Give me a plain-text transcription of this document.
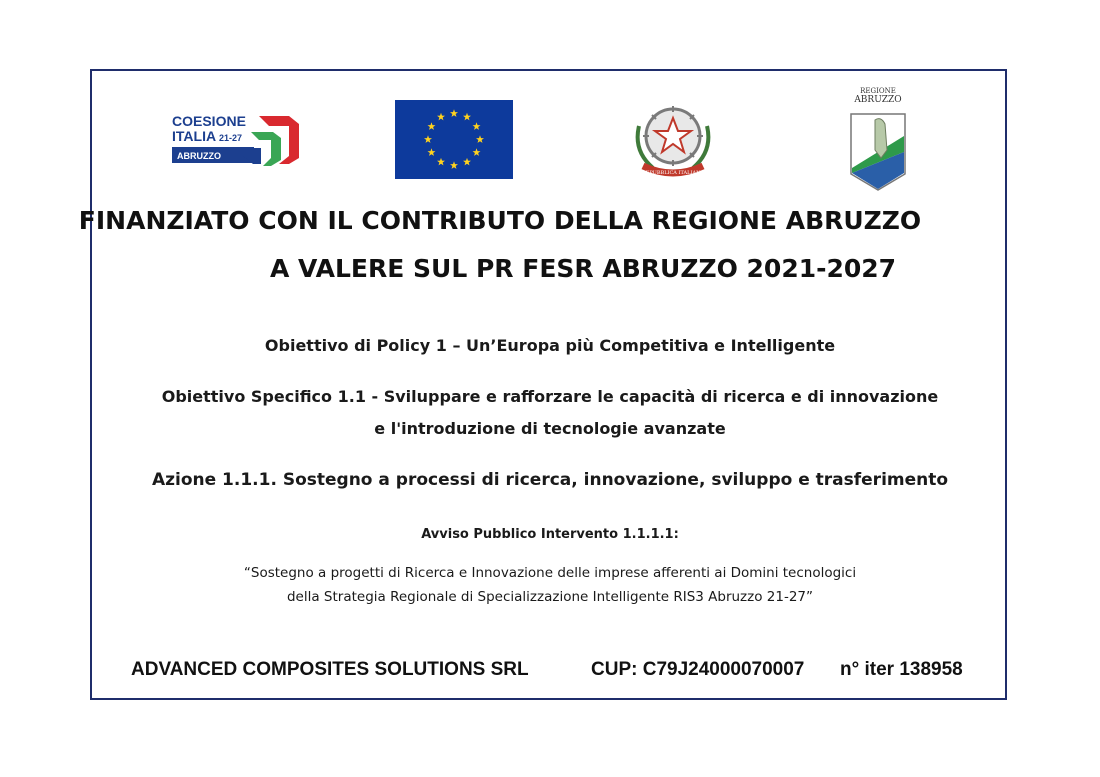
COESIONE
ITALIA 21-27
ABRUZZO
REPUBBLICA ITALIANA
REGIONE
ABRUZZO
FINANZIATO CON IL CONTRIBUTO DELLA REGIONE ABRUZZO
A VALERE SUL PR FESR ABRUZZO 2021-2027
Obiettivo di Policy 1 – Un’Europa più Competitiva e Intelligente
Obiettivo Specifico 1.1 - Sviluppare e rafforzare le capacità di ricerca e di innovazione
e l'introduzione di tecnologie avanzate
Azione 1.1.1. Sostegno a processi di ricerca, innovazione, sviluppo e trasferimento
Avviso Pubblico Intervento 1.1.1.1:
“Sostegno a progetti di Ricerca e Innovazione delle imprese afferenti ai Domini tecnologici
della Strategia Regionale di Specializzazione Intelligente RIS3 Abruzzo 21-27”
ADVANCED COMPOSITES SOLUTIONS SRL	CUP: C79J24000070007 n° iter 138958
